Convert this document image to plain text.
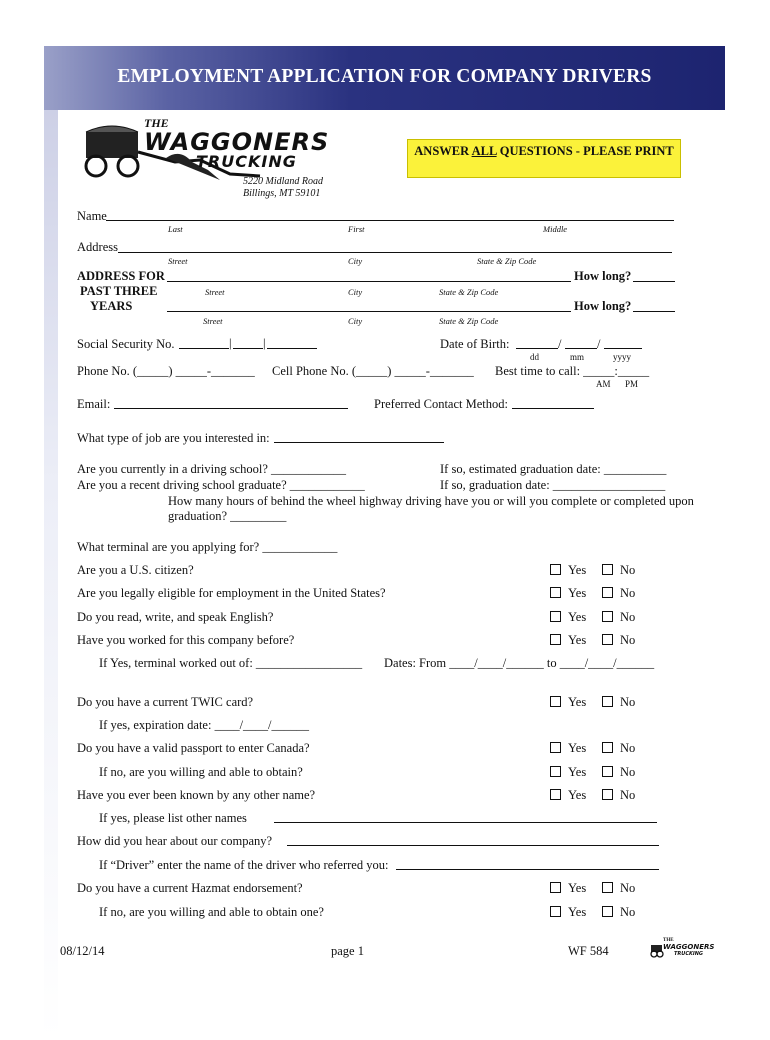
EMPLOYMENT APPLICATION FOR COMPANY DRIVERS
THE
WAGGONERS
TRUCKING
5220 Midland Road
Billings, MT 59101
ANSWER ALL QUESTIONS - PLEASE PRINT
Name
Last	First	Middle
Address
Street	City	State & Zip Code
ADDRESS FOR
PAST THREE
YEARS
How long?
Street	City	State & Zip Code
How long?
Street	City	State & Zip Code
Social Security No.	|	|	Date of Birth:	/	/
dd	mm	yyyy
Phone No. (_____) _____-_______ Cell Phone No. (_____) _____-_______ Best time to call: _____:_____
AM PM
Email:	Preferred Contact Method:
What type of job are you interested in:
Are you currently in a driving school? ____________	If so, estimated graduation date: __________
Are you a recent driving school graduate? ____________	If so, graduation date: __________________
How many hours of behind the wheel highway driving have you or will you complete or completed upon
graduation? _________
What terminal are you applying for? ____________
Are you a U.S. citizen?	Yes	No
Are you legally eligible for employment in the United States?	Yes	No
Do you read, write, and speak English?	Yes	No
Have you worked for this company before?	Yes	No
If Yes, terminal worked out of: _________________ Dates: From ____/____/______ to ____/____/______
Do you have a current TWIC card?	Yes	No
If yes, expiration date: ____/____/______
Do you have a valid passport to enter Canada?	Yes	No
If no, are you willing and able to obtain?	Yes	No
Have you ever been known by any other name?	Yes	No
If yes, please list other names
How did you hear about our company?
If “Driver” enter the name of the driver who referred you:
Do you have a current Hazmat endorsement?	Yes	No
If no, are you willing and able to obtain one?	Yes	No
08/12/14	page 1	WF 584
THE
WAGGONERS
TRUCKING
